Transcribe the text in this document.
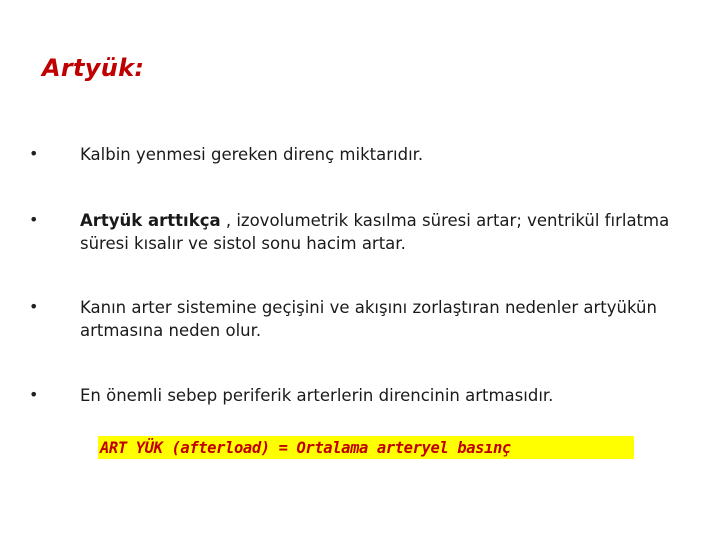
Artyük:
•	Kalbin yenmesi gereken direnç miktarıdır.
•	Artyük arttıkça , izovolumetrik kasılma süresi artar; ventrikül fırlatma süresi kısalır ve sistol sonu hacim artar.
•	Kanın arter sistemine geçişini ve akışını zorlaştıran nedenler artyükün artmasına neden olur.
•	En önemli sebep periferik arterlerin direncinin artmasıdır.
ART YÜK (afterload) = Ortalama arteryel basınç
